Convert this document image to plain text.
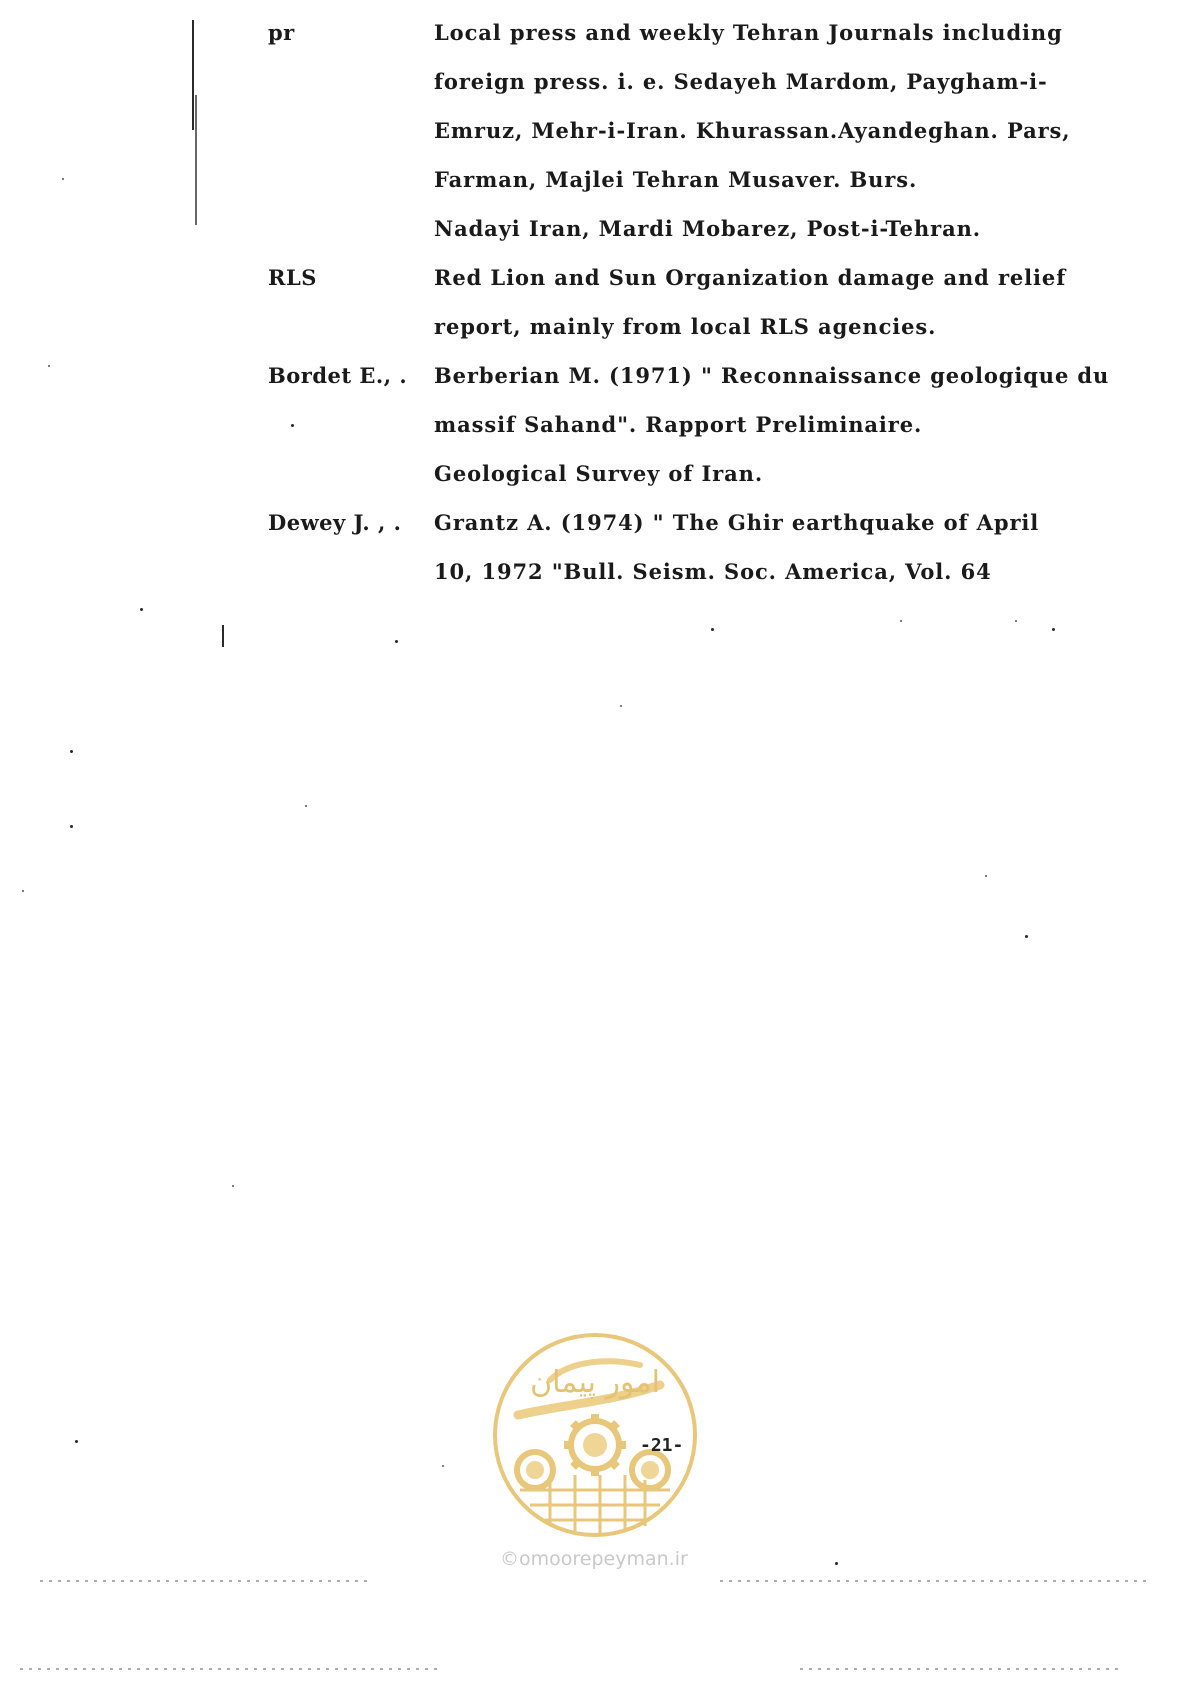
pr	Local press and weekly Tehran Journals including
foreign press. i. e. Sedayeh Mardom, Paygham-i-
Emruz, Mehr-i-Iran. Khurassan.Ayandeghan. Pars,
Farman, Majlei Tehran Musaver. Burs.
Nadayi Iran, Mardi Mobarez, Post-i-Tehran.
RLS	Red Lion and Sun Organization damage and relief
report, mainly from local RLS agencies.
Bordet E., .	Berberian M. (1971) " Reconnaissance geologique du
massif Sahand". Rapport Preliminaire.
Geological Survey of Iran.
Dewey J. , .	Grantz A. (1974) " The Ghir earthquake of April
10, 1972 "Bull. Seism. Soc. America, Vol. 64
امور پیمان
-21-
©omoorepeyman.ir
